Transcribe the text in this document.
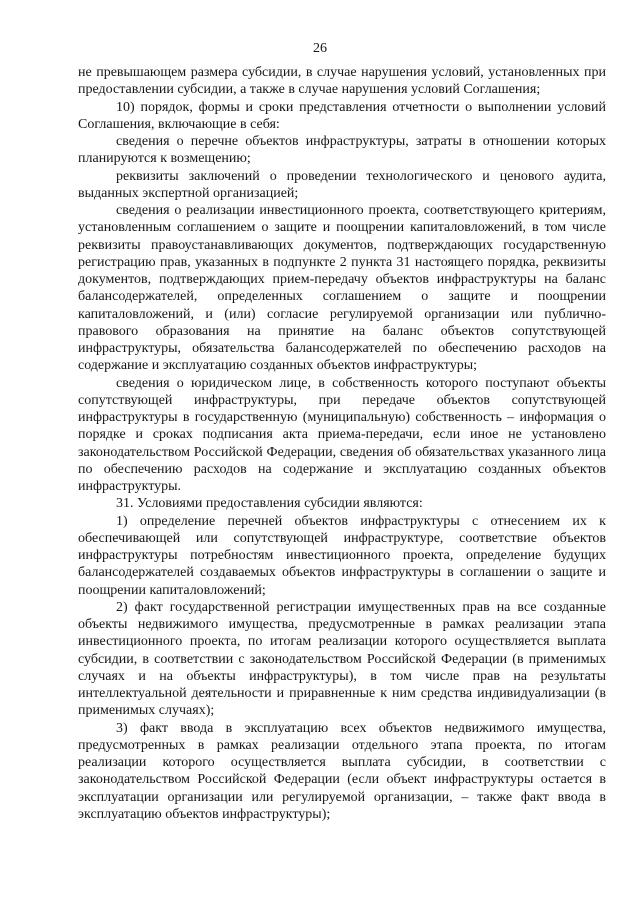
26

не превышающем размера субсидии, в случае нарушения условий, установленных при предоставлении субсидии, а также в случае нарушения условий Соглашения;

10) порядок, формы и сроки представления отчетности о выполнении условий Соглашения, включающие в себя:

сведения о перечне объектов инфраструктуры, затраты в отношении которых планируются к возмещению;

реквизиты заключений о проведении технологического и ценового аудита, выданных экспертной организацией;

сведения о реализации инвестиционного проекта, соответствующего критериям, установленным соглашением о защите и поощрении капиталовложений, в том числе реквизиты правоустанавливающих документов, подтверждающих государственную регистрацию прав, указанных в подпункте 2 пункта 31 настоящего порядка, реквизиты документов, подтверждающих прием-передачу объектов инфраструктуры на баланс балансодержателей, определенных соглашением о защите и поощрении капиталовложений, и (или) согласие регулируемой организации или публично-правового образования на принятие на баланс объектов сопутствующей инфраструктуры, обязательства балансодержателей по обеспечению расходов на содержание и эксплуатацию созданных объектов инфраструктуры;

сведения о юридическом лице, в собственность которого поступают объекты сопутствующей инфраструктуры, при передаче объектов сопутствующей инфраструктуры в государственную (муниципальную) собственность – информация о порядке и сроках подписания акта приема-передачи, если иное не установлено законодательством Российской Федерации, сведения об обязательствах указанного лица по обеспечению расходов на содержание и эксплуатацию созданных объектов инфраструктуры.

31. Условиями предоставления субсидии являются:

1) определение перечней объектов инфраструктуры с отнесением их к обеспечивающей или сопутствующей инфраструктуре, соответствие объектов инфраструктуры потребностям инвестиционного проекта, определение будущих балансодержателей создаваемых объектов инфраструктуры в соглашении о защите и поощрении капиталовложений;

2) факт государственной регистрации имущественных прав на все созданные объекты недвижимого имущества, предусмотренные в рамках реализации этапа инвестиционного проекта, по итогам реализации которого осуществляется выплата субсидии, в соответствии с законодательством Российской Федерации (в применимых случаях и на объекты инфраструктуры), в том числе прав на результаты интеллектуальной деятельности и приравненные к ним средства индивидуализации (в применимых случаях);

3) факт ввода в эксплуатацию всех объектов недвижимого имущества, предусмотренных в рамках реализации отдельного этапа проекта, по итогам реализации которого осуществляется выплата субсидии, в соответствии с законодательством Российской Федерации (если объект инфраструктуры остается в эксплуатации организации или регулируемой организации, – также факт ввода в эксплуатацию объектов инфраструктуры);
